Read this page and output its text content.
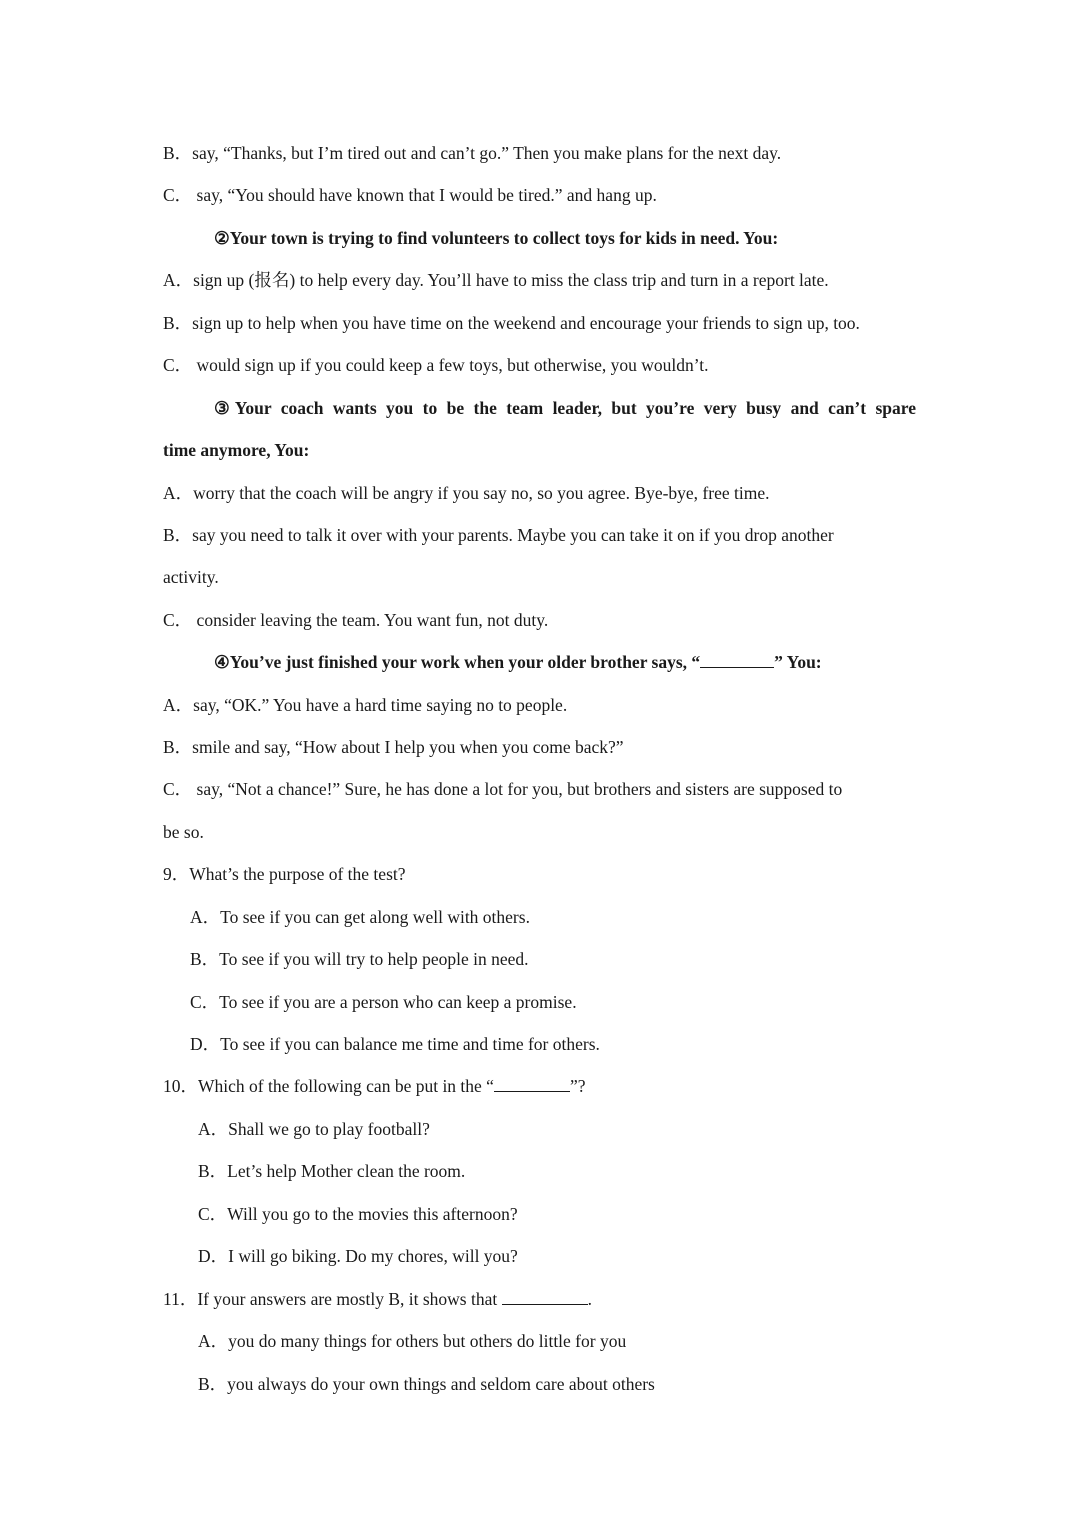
B．say, “Thanks, but I’m tired out and can’t go.” Then you make plans for the next day.
C． say, “You should have known that I would be tired.” and hang up.
②Your town is trying to find volunteers to collect toys for kids in need. You:
A．sign up (报名) to help every day. You’ll have to miss the class trip and turn in a report late.
B．sign up to help when you have time on the weekend and encourage your friends to sign up, too.
C． would sign up if you could keep a few toys, but otherwise, you wouldn’t.
③Your coach wants you to be the team leader, but you’re very busy and can’t spare
time anymore, You:
A．worry that the coach will be angry if you say no, so you agree. Bye-bye, free time.
B．say you need to talk it over with your parents. Maybe you can take it on if you drop another
activity.
C． consider leaving the team. You want fun, not duty.
④You’ve just finished your work when your older brother says, “	” You:
A．say, “OK.” You have a hard time saying no to people.
B．smile and say, “How about I help you when you come back?”
C． say, “Not a chance!” Sure, he has done a lot for you, but brothers and sisters are supposed to
be so.
9．What’s the purpose of the test?
A．To see if you can get along well with others.
B．To see if you will try to help people in need.
C．To see if you are a person who can keep a promise.
D．To see if you can balance me time and time for others.
10．Which of the following can be put in the “	”?
A．Shall we go to play football?
B．Let’s help Mother clean the room.
C．Will you go to the movies this afternoon?
D．I will go biking. Do my chores, will you?
11．If your answers are mostly B, it shows that	.
A．you do many things for others but others do little for you
B．you always do your own things and seldom care about others
